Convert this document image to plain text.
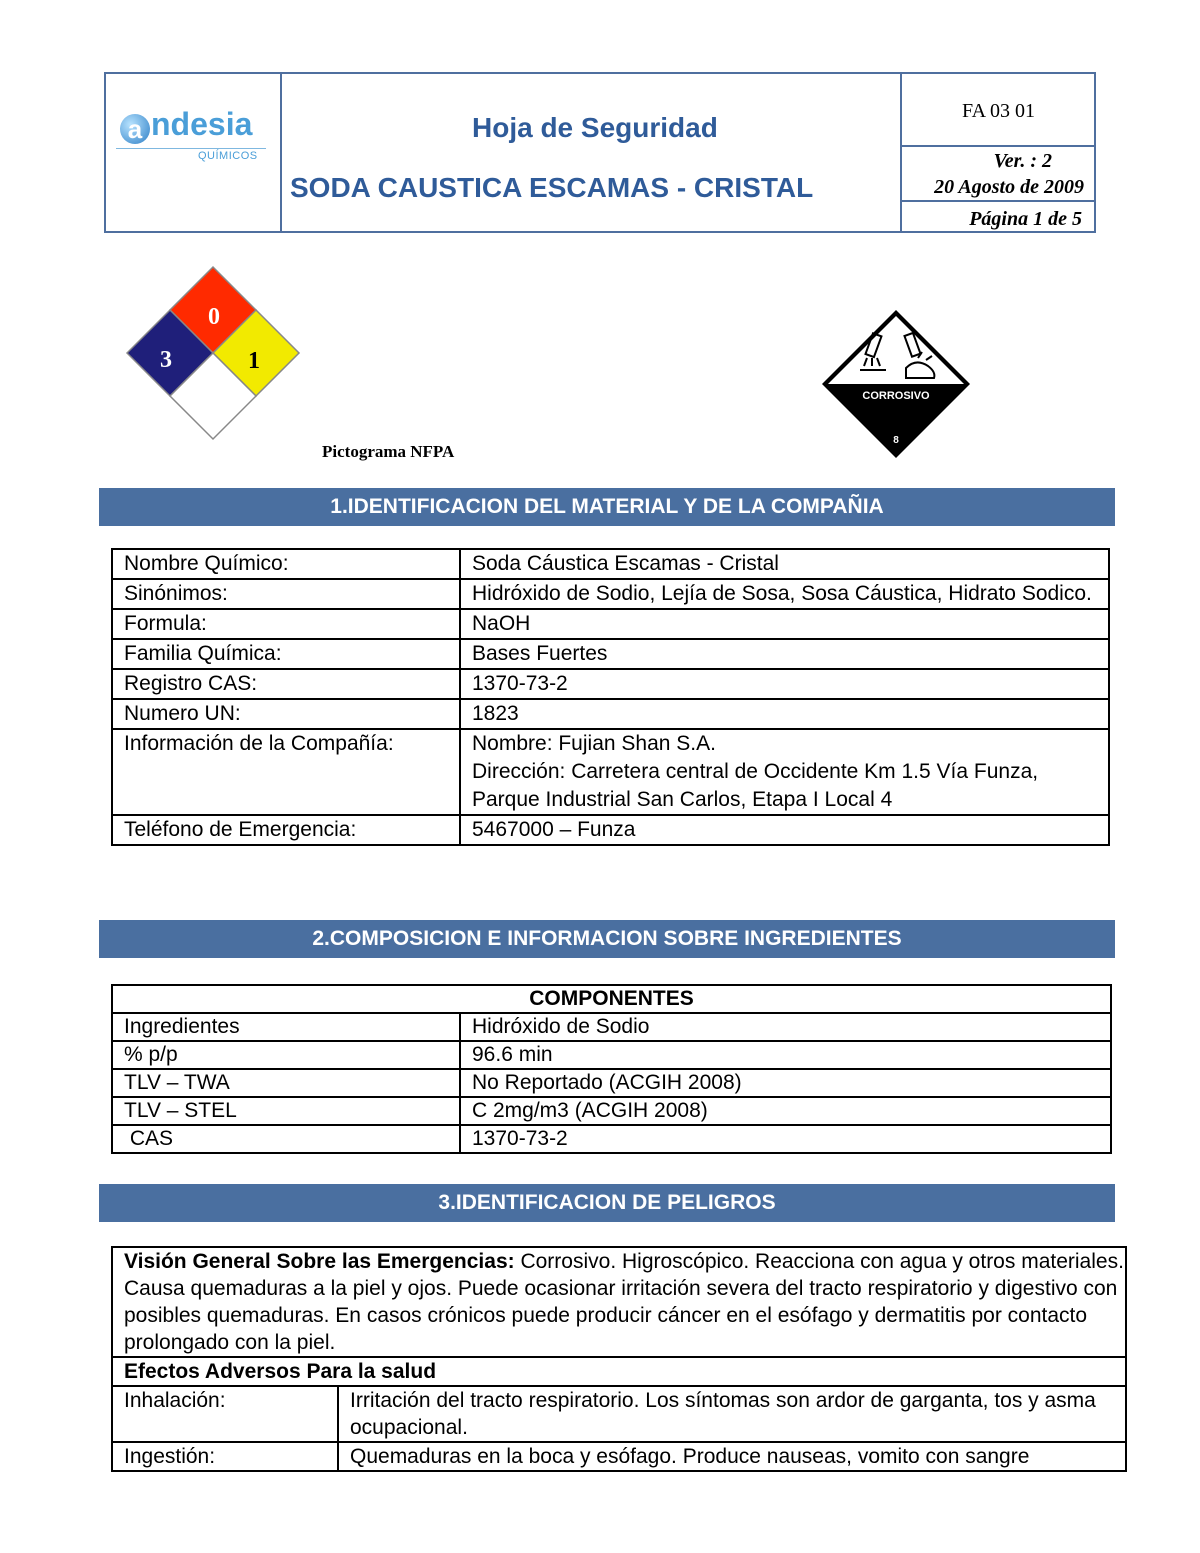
a ndesia
QUÍMICOS
Hoja de Seguridad
SODA CAUSTICA ESCAMAS - CRISTAL
FA 03 01
Ver. : 2
20 Agosto de 2009
Página 1 de 5
0
3	1
Pictograma NFPA
CORROSIVO
8
1.IDENTIFICACION DEL MATERIAL Y DE LA COMPAÑIA
Nombre Químico:	Soda Cáustica Escamas - Cristal
Sinónimos:	Hidróxido de Sodio, Lejía de Sosa, Sosa Cáustica, Hidrato Sodico.
Formula:	NaOH
Familia Química:	Bases Fuertes
Registro CAS:	1370-73-2
Numero UN:	1823
Información de la Compañía:	Nombre: Fujian Shan S.A.
Dirección: Carretera central de Occidente Km 1.5 Vía Funza,
Parque Industrial San Carlos, Etapa I Local 4

Teléfono de Emergencia:	5467000 – Funza
2.COMPOSICION E INFORMACION SOBRE INGREDIENTES
COMPONENTES	
Ingredientes	Hidróxido de Sodio
% p/p	96.6 min
TLV – TWA	No Reportado (ACGIH 2008)
TLV – STEL	C 2mg/m3 (ACGIH 2008)
CAS	1370-73-2
3.IDENTIFICACION DE PELIGROS

Visión General Sobre las Emergencias: Corrosivo. Higroscópico. Reacciona con agua y otros materiales. Causa quemaduras a la piel y ojos. Puede ocasionar irritación severa del tracto respiratorio y digestivo con posibles quemaduras. En casos crónicos puede producir cáncer en el esófago y dermatitis por contacto prolongado con la piel.	
Efectos Adversos Para la salud	
Inhalación:	Irritación del tracto respiratorio. Los síntomas son ardor de garganta, tos y asma ocupacional.
Ingestión:	Quemaduras en la boca y esófago. Produce nauseas, vomito con sangre
